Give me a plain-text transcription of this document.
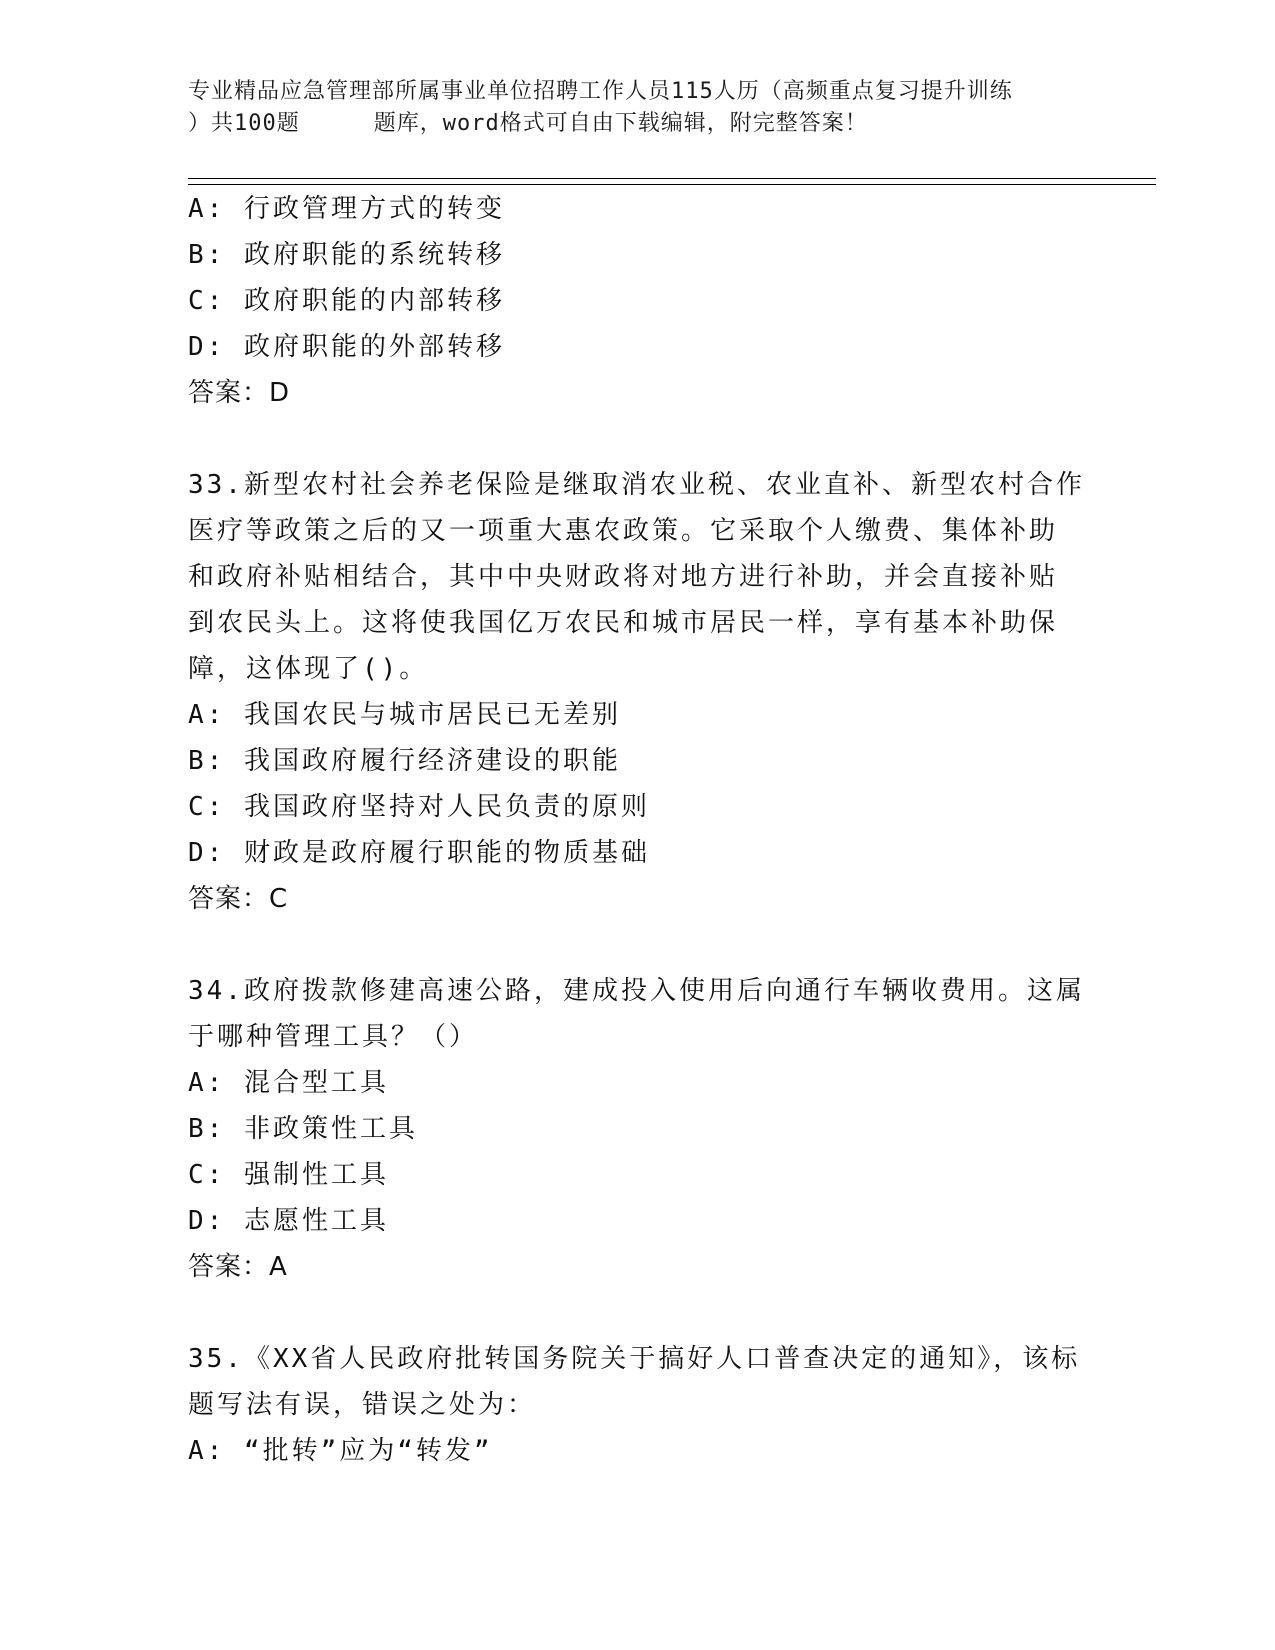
专业精品应急管理部所属事业单位招聘工作人员115人历（高频重点复习提升训练
）共100题	题库，word格式可自由下载编辑，附完整答案！
A: 行政管理方式的转变
B: 政府职能的系统转移
C: 政府职能的内部转移
D: 政府职能的外部转移
答案：D
33.新型农村社会养老保险是继取消农业税、农业直补、新型农村合作
医疗等政策之后的又一项重大惠农政策。它采取个人缴费、集体补助
和政府补贴相结合，其中中央财政将对地方进行补助，并会直接补贴
到农民头上。这将使我国亿万农民和城市居民一样，享有基本补助保
障，这体现了()。
A: 我国农民与城市居民已无差别
B: 我国政府履行经济建设的职能
C: 我国政府坚持对人民负责的原则
D: 财政是政府履行职能的物质基础
答案：C
34.政府拨款修建高速公路，建成投入使用后向通行车辆收费用。这属
于哪种管理工具？（）
A: 混合型工具
B: 非政策性工具
C: 强制性工具
D: 志愿性工具
答案：A
35.《XX省人民政府批转国务院关于搞好人口普查决定的通知》，该标
题写法有误，错误之处为：
A: “批转”应为“转发”
